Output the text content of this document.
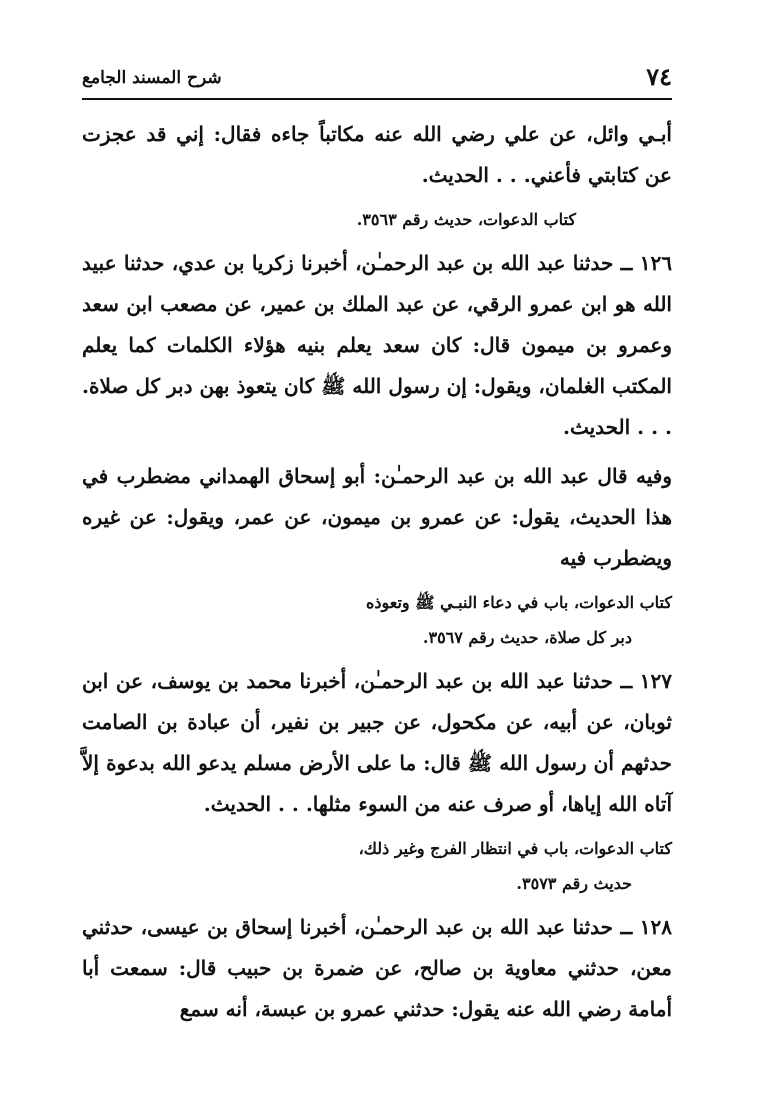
٧٤
شرح المسند الجامع

أبـي وائل، عن علي رضي الله عنه مكاتباً جاءه فقال: إني قد عجزت عن كتابتي فأعني. . . الحديث.

كتاب الدعوات، حديث رقم ٣٥٦٣.

١٢٦ ــ حدثنا عبد الله بن عبد الرحمـٰن، أخبرنا زكريا بن عدي، حدثنا عبيد الله هو ابن عمرو الرقي، عن عبد الملك بن عمير، عن مصعب ابن سعد وعمرو بن ميمون قال: كان سعد يعلم بنيه هؤلاء الكلمات كما يعلم المكتب الغلمان، ويقول: إن رسول الله ﷺ كان يتعوذ بهن دبر كل صلاة. . . . الحديث.

وفيه قال عبد الله بن عبد الرحمـٰن: أبو إسحاق الهمداني مضطرب في هذا الحديث، يقول: عن عمرو بن ميمون، عن عمر، ويقول: عن غيره ويضطرب فيه

كتاب الدعوات، باب في دعاء النبـي ﷺ وتعوذه
دبر كل صلاة، حديث رقم ٣٥٦٧.

١٢٧ ــ حدثنا عبد الله بن عبد الرحمـٰن، أخبرنا محمد بن يوسف، عن ابن ثوبان، عن أبيه، عن مكحول، عن جبير بن نفير، أن عبادة بن الصامت حدثهم أن رسول الله ﷺ قال: ما على الأرض مسلم يدعو الله بدعوة إلاَّ آتاه الله إياها، أو صرف عنه من السوء مثلها. . . الحديث.

كتاب الدعوات، باب في انتظار الفرج وغير ذلك،
حديث رقم ٣٥٧٣.

١٢٨ ــ حدثنا عبد الله بن عبد الرحمـٰن، أخبرنا إسحاق بن عيسى، حدثني معن، حدثني معاوية بن صالح، عن ضمرة بن حبيب قال: سمعت أبا أمامة رضي الله عنه يقول: حدثني عمرو بن عبسة، أنه سمع
